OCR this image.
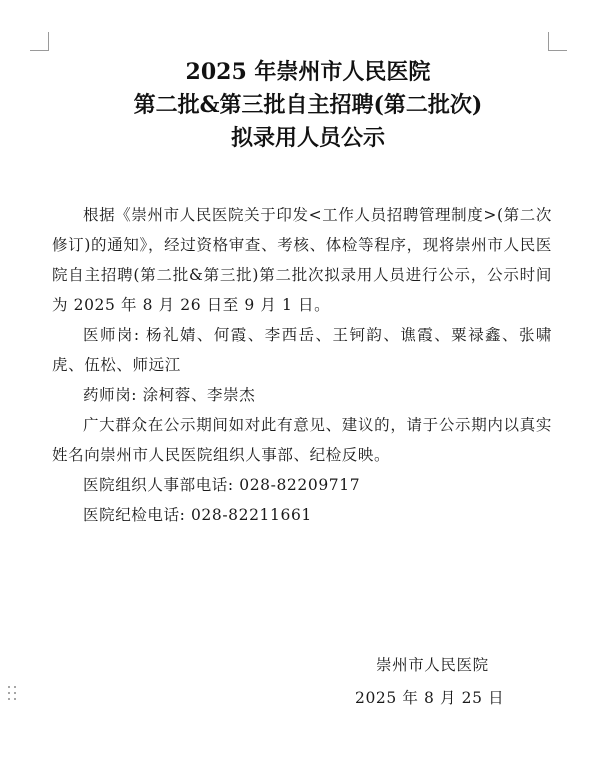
2025 年崇州市人民医院
第二批&第三批自主招聘(第二批次)
拟录用人员公示

根据《崇州市人民医院关于印发<工作人员招聘管理制度>(第二次修订)的通知》，经过资格审查、考核、体检等程序，现将崇州市人民医院自主招聘(第二批&第三批)第二批次拟录用人员进行公示，公示时间为 2025 年 8 月 26 日至 9 月 1 日。

医师岗: 杨礼婧、何霞、李西岳、王钶韵、谯霞、粟禄鑫、张啸虎、伍松、师远江

药师岗: 涂柯蓉、李崇杰

广大群众在公示期间如对此有意见、建议的，请于公示期内以真实姓名向崇州市人民医院组织人事部、纪检反映。

医院组织人事部电话: 028-82209717

医院纪检电话: 028-82211661

崇州市人民医院
2025 年 8 月 25 日
